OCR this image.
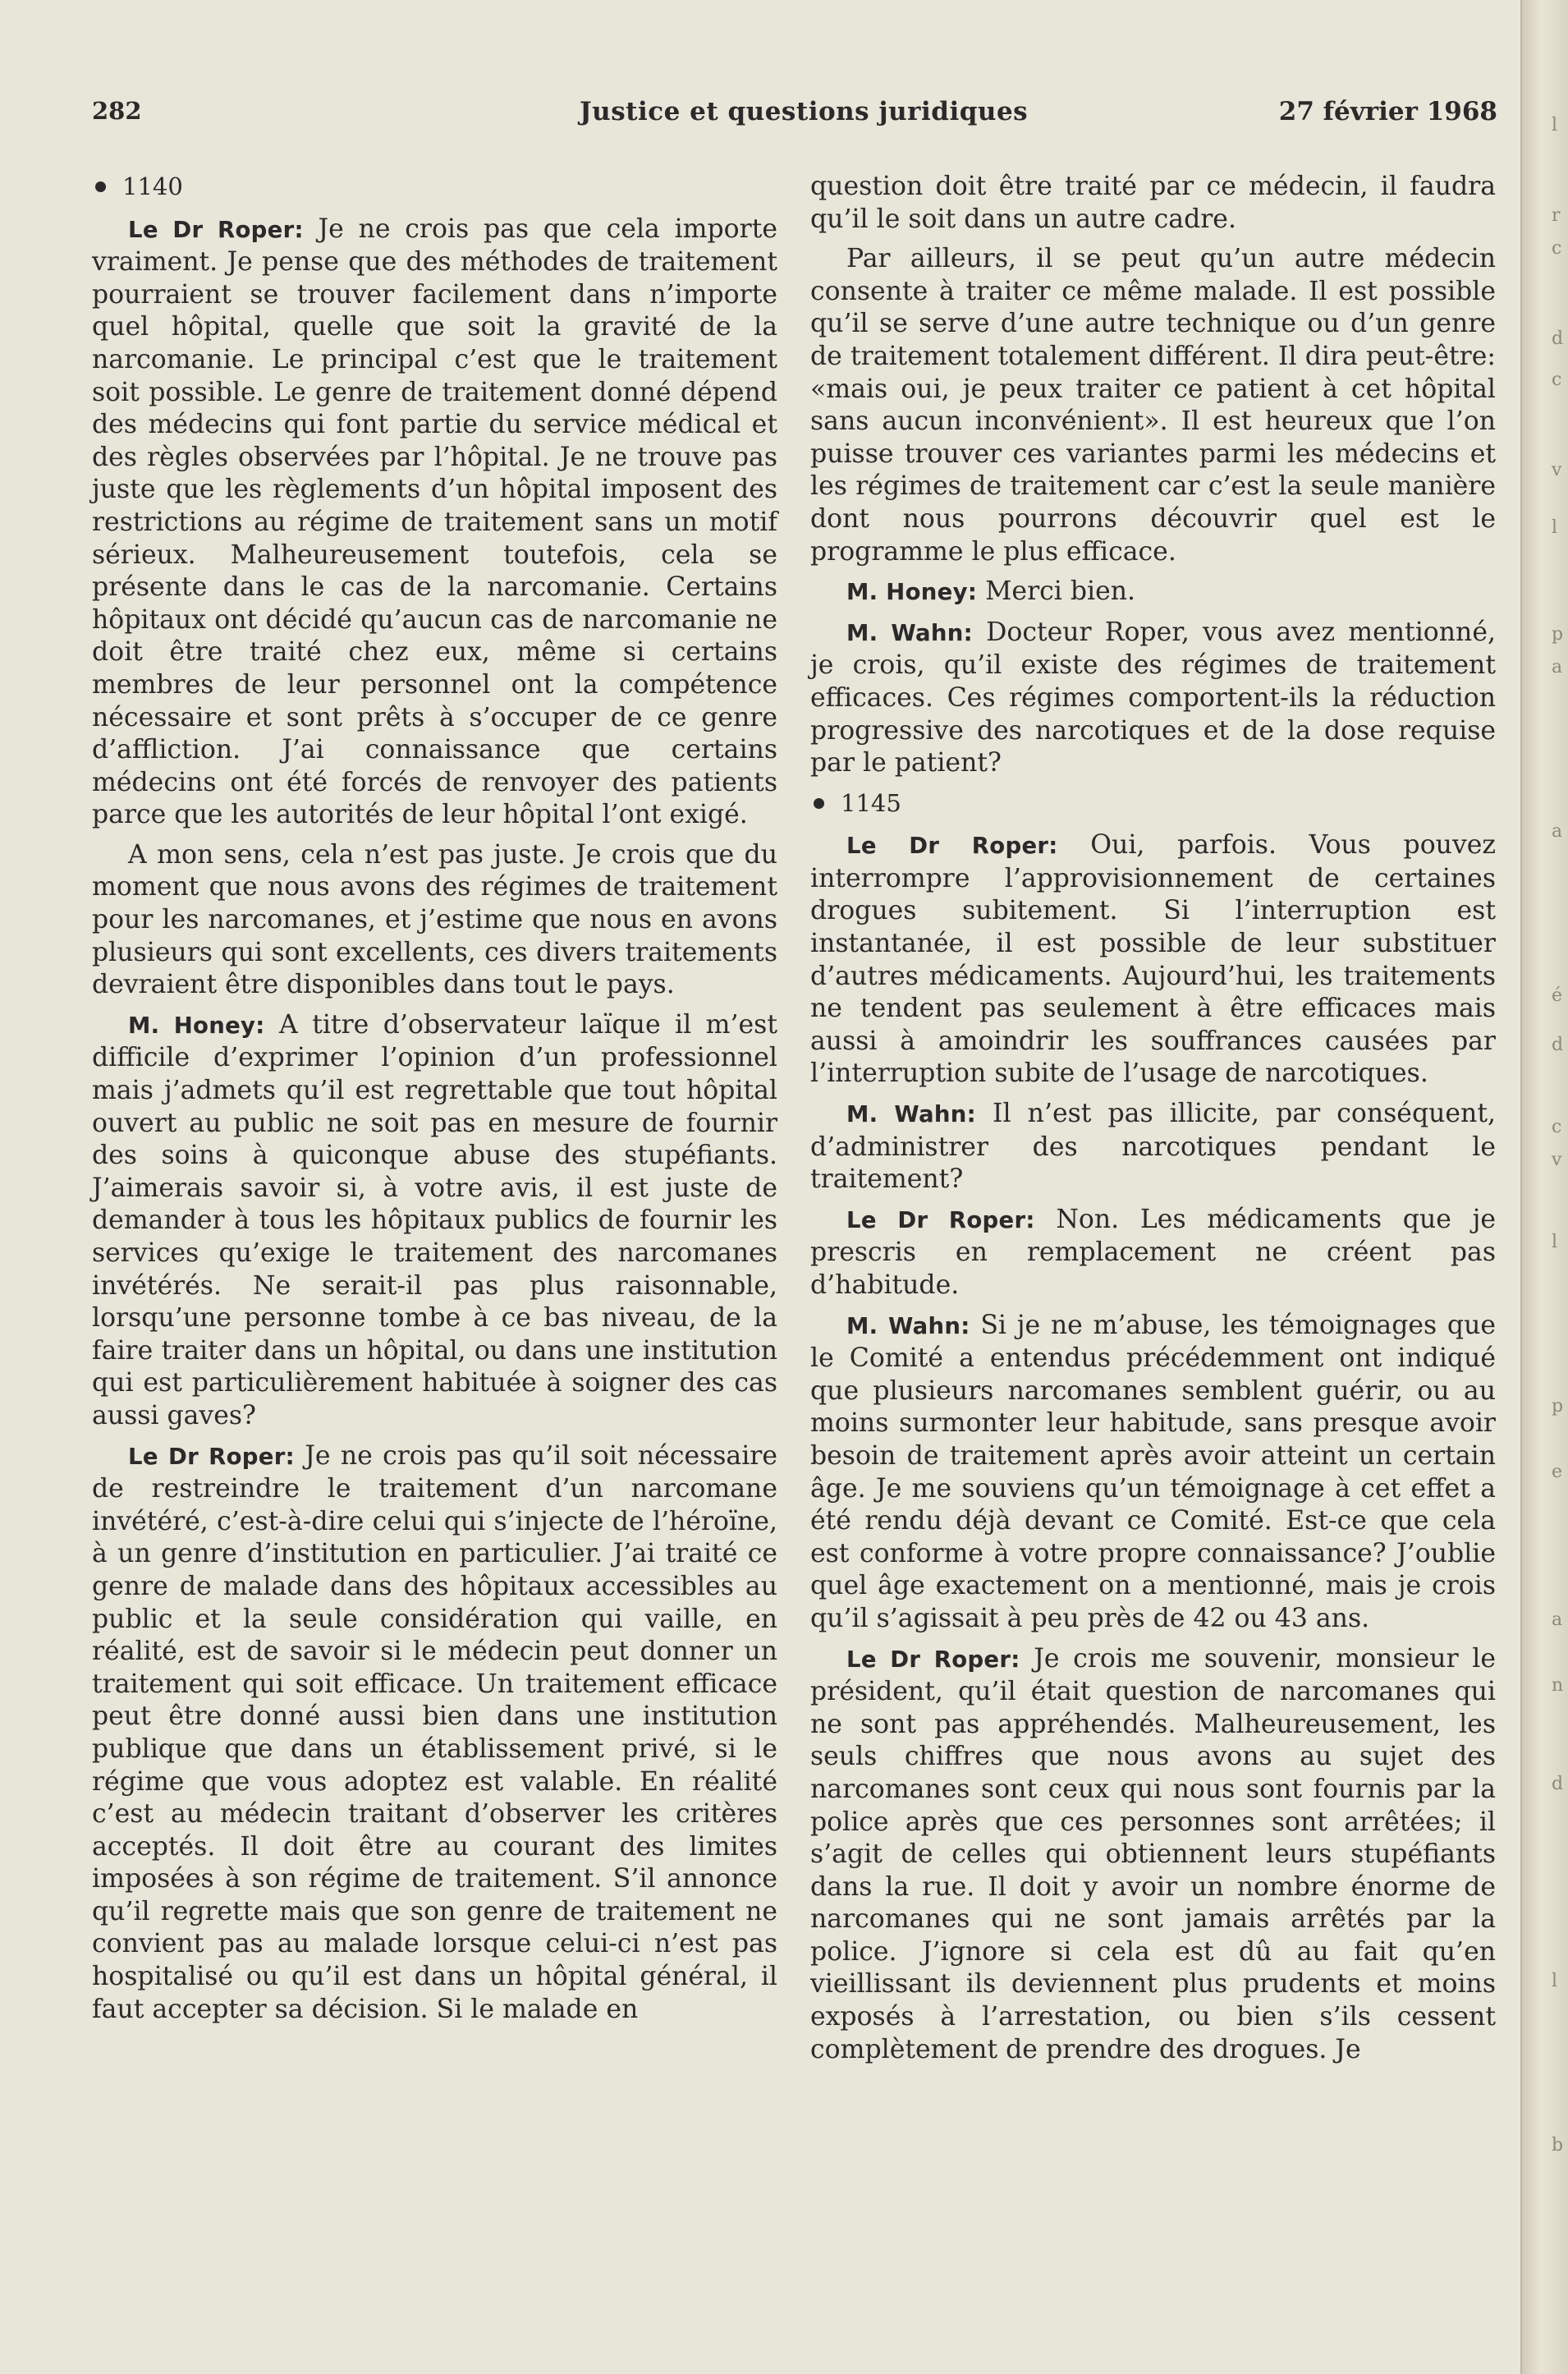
282	Justice et questions juridiques	27 février 1968
1140

Le Dr Roper: Je ne crois pas que cela importe vraiment. Je pense que des méthodes de traitement pourraient se trouver facilement dans n’importe quel hôpital, quelle que soit la gravité de la narcomanie. Le principal c’est que le traitement soit possible. Le genre de traitement donné dépend des médecins qui font partie du service médical et des règles observées par l’hôpital. Je ne trouve pas juste que les règlements d’un hôpital imposent des restrictions au régime de traitement sans un motif sérieux. Malheureusement toutefois, cela se présente dans le cas de la narcomanie. Certains hôpitaux ont décidé qu’aucun cas de narcomanie ne doit être traité chez eux, même si certains membres de leur personnel ont la compétence nécessaire et sont prêts à s’occuper de ce genre d’affliction. J’ai connaissance que certains médecins ont été forcés de renvoyer des patients parce que les autorités de leur hôpital l’ont exigé.

A mon sens, cela n’est pas juste. Je crois que du moment que nous avons des régimes de traitement pour les narcomanes, et j’estime que nous en avons plusieurs qui sont excellents, ces divers traitements devraient être disponibles dans tout le pays.

M. Honey: A titre d’observateur laïque il m’est difficile d’exprimer l’opinion d’un professionnel mais j’admets qu’il est regrettable que tout hôpital ouvert au public ne soit pas en mesure de fournir des soins à quiconque abuse des stupéfiants. J’aimerais savoir si, à votre avis, il est juste de demander à tous les hôpitaux publics de fournir les services qu’exige le traitement des narcomanes invétérés. Ne serait-il pas plus raisonnable, lorsqu’une personne tombe à ce bas niveau, de la faire traiter dans un hôpital, ou dans une institution qui est particulièrement habituée à soigner des cas aussi gaves?

Le Dr Roper: Je ne crois pas qu’il soit nécessaire de restreindre le traitement d’un narcomane invétéré, c’est-à-dire celui qui s’injecte de l’héroïne, à un genre d’institution en particulier. J’ai traité ce genre de malade dans des hôpitaux accessibles au public et la seule considération qui vaille, en réalité, est de savoir si le médecin peut donner un traitement qui soit efficace. Un traitement efficace peut être donné aussi bien dans une institution publique que dans un établissement privé, si le régime que vous adoptez est valable. En réalité c’est au médecin traitant d’observer les critères acceptés. Il doit être au courant des limites imposées à son régime de traitement. S’il annonce qu’il regrette mais que son genre de traitement ne convient pas au malade lorsque celui-ci n’est pas hospitalisé ou qu’il est dans un hôpital général, il faut accepter sa décision. Si le malade en

question doit être traité par ce médecin, il faudra qu’il le soit dans un autre cadre.

Par ailleurs, il se peut qu’un autre médecin consente à traiter ce même malade. Il est possible qu’il se serve d’une autre technique ou d’un genre de traitement totalement différent. Il dira peut-être: «mais oui, je peux traiter ce patient à cet hôpital sans aucun inconvénient». Il est heureux que l’on puisse trouver ces variantes parmi les médecins et les régimes de traitement car c’est la seule manière dont nous pourrons découvrir quel est le programme le plus efficace.

M. Honey: Merci bien.

M. Wahn: Docteur Roper, vous avez mentionné, je crois, qu’il existe des régimes de traitement efficaces. Ces régimes comportent-ils la réduction progressive des narcotiques et de la dose requise par le patient?

1145

Le Dr Roper: Oui, parfois. Vous pouvez interrompre l’approvisionnement de certaines drogues subitement. Si l’interruption est instantanée, il est possible de leur substituer d’autres médicaments. Aujourd’hui, les traitements ne tendent pas seulement à être efficaces mais aussi à amoindrir les souffrances causées par l’interruption subite de l’usage de narcotiques.

M. Wahn: Il n’est pas illicite, par conséquent, d’administrer des narcotiques pendant le traitement?

Le Dr Roper: Non. Les médicaments que je prescris en remplacement ne créent pas d’habitude.

M. Wahn: Si je ne m’abuse, les témoignages que le Comité a entendus précédemment ont indiqué que plusieurs narcomanes semblent guérir, ou au moins surmonter leur habitude, sans presque avoir besoin de traitement après avoir atteint un certain âge. Je me souviens qu’un témoignage à cet effet a été rendu déjà devant ce Comité. Est-ce que cela est conforme à votre propre connaissance? J’oublie quel âge exactement on a mentionné, mais je crois qu’il s’agissait à peu près de 42 ou 43 ans.

Le Dr Roper: Je crois me souvenir, monsieur le président, qu’il était question de narcomanes qui ne sont pas appréhendés. Malheureusement, les seuls chiffres que nous avons au sujet des narcomanes sont ceux qui nous sont fournis par la police après que ces personnes sont arrêtées; il s’agit de celles qui obtiennent leurs stupéfiants dans la rue. Il doit y avoir un nombre énorme de narcomanes qui ne sont jamais arrêtés par la police. J’ignore si cela est dû au fait qu’en vieillissant ils deviennent plus prudents et moins exposés à l’arrestation, ou bien s’ils cessent complètement de prendre des drogues. Je

l
r
c
d
c
v
l
p
a
a
é
d
c
v
l
p
e
a
n
d
l
b
